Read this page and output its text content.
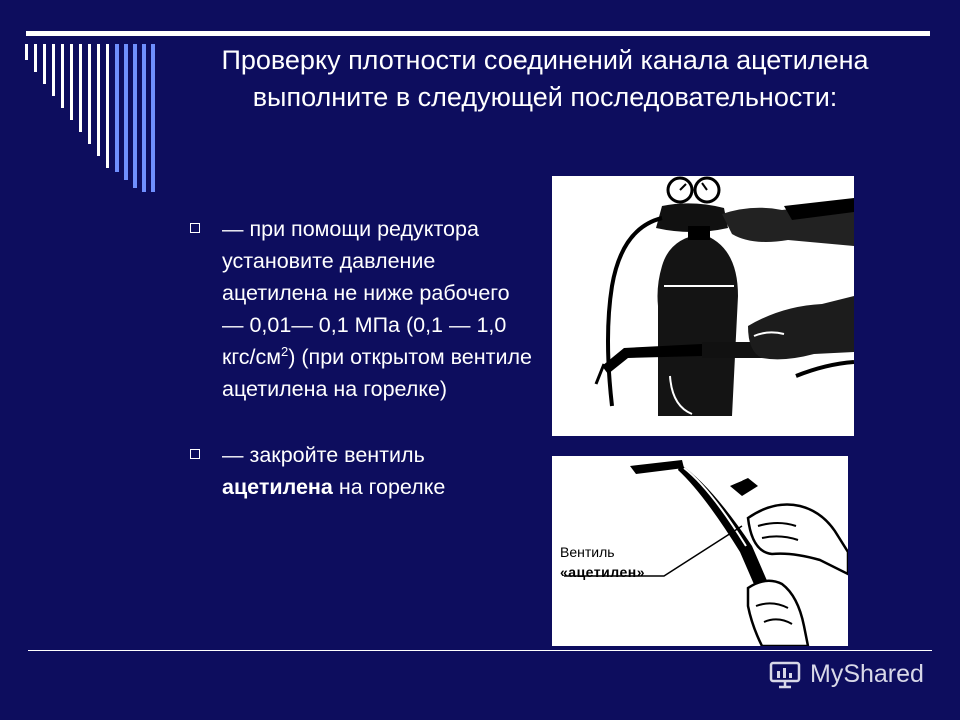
Проверку плотности соединений канала ацетилена выполните в следующей последовательности:
— при помощи редуктора установите давление ацетилена не ниже рабочего — 0,01— 0,1 МПа (0,1 — 1,0 кгс/$см^2$) (при открытом вентиле ацетилена на горелке)
— закройте вентиль ацетилена на горелке
Вентиль
«ацетилен»
MyShared
